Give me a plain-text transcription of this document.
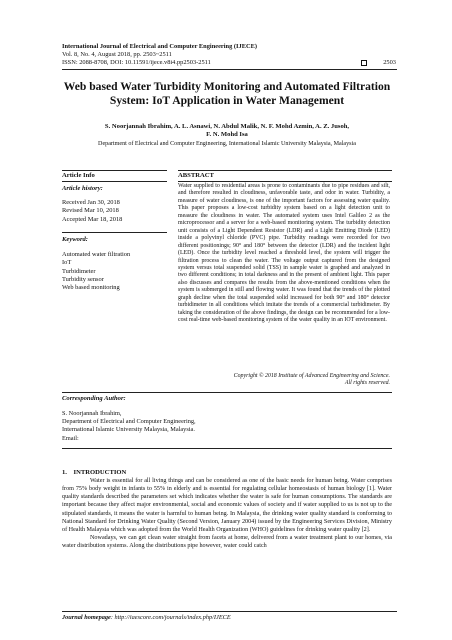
International Journal of Electrical and Computer Engineering (IJECE)
Vol. 8, No. 4, August 2018, pp. 2503~2511
ISSN: 2088-8708, DOI: 10.11591/ijece.v8i4.pp2503-2511	2503
Web based Water Turbidity Monitoring and Automated Filtration System: IoT Application in Water Management
S. Noorjannah Ibrahim, A. L. Asnawi, N. Abdul Malik, N. F. Mohd Azmin, A. Z. Jusoh,
F. N. Mohd Isa
Department of Electrical and Computer Engineering, International Islamic University Malaysia, Malaysia
Article Info	ABSTRACT
Article history:
Received Jan 30, 2018
Revised Mar 10, 2018
Accepted Mar 18, 2018
Keyword:
Automated water filtration
IoT
Turbidimeter
Turbidity sensor
Web based monitoring
Water supplied to residential areas is prone to contaminants due to pipe residues and silt, and therefore resulted in cloudiness, unfavorable taste, and odor in water. Turbidity, a measure of water cloudiness, is one of the important factors for assessing water quality. This paper proposes a low-cost turbidity system based on a light detection unit to measure the cloudiness in water. The automated system uses Intel Galileo 2 as the microprocessor and a server for a web-based monitoring system. The turbidity detection unit consists of a Light Dependent Resistor (LDR) and a Light Emitting Diode (LED) inside a polyvinyl chloride (PVC) pipe. Turbidity readings were recorded for two different positionings; 90° and 180° between the detector (LDR) and the incident light (LED). Once the turbidity level reached a threshold level, the system will trigger the filtration process to clean the water. The voltage output captured from the designed system versus total suspended solid (TSS) in sample water is graphed and analyzed in two different conditions; in total darkness and in the present of ambient light. This paper also discusses and compares the results from the above-mentioned conditions when the system is submerged in still and flowing water. It was found that the trends of the plotted graph decline when the total suspended solid increased for both 90° and 180° detector turbidimeter in all conditions which imitate the trends of a commercial turbidimeter. By taking the consideration of the above findings, the design can be recommended for a low-cost real-time web-based monitoring system of the water quality in an IOT environment.
Copyright © 2018 Institute of Advanced Engineering and Science.
All rights reserved.
Corresponding Author:
S. Noorjannah Ibrahim,
Department of Electrical and Computer Engineering,
International Islamic University Malaysia, Malaysia.
Email:
1.    INTRODUCTION

Water is essential for all living things and can be considered as one of the basic needs for human being. Water comprises from 75% body weight in infants to 55% in elderly and is essential for regulating cellular homeostasis of human biology [1]. Water quality standards described the parameters set which indicates whether the water is safe for human consumptions. The standards are important because they affect major environmental, social and economic values of society and if water supplied to us is not up to the stipulated standards, it means the water is harmful to human being. In Malaysia, the drinking water quality standard is conforming to National Standard for Drinking Water Quality (Second Version, January 2004) issued by the Engineering Services Division, Ministry of Health Malaysia which was adopted from the World Health Organization (WHO) guidelines for drinking water quality [2].

Nowadays, we can get clean water straight from facets at home, delivered from a water treatment plant to our homes, via water distribution systems. Along the distributions pipe however, water could catch

Journal homepage: http://iaescore.com/journals/index.php/IJECE
